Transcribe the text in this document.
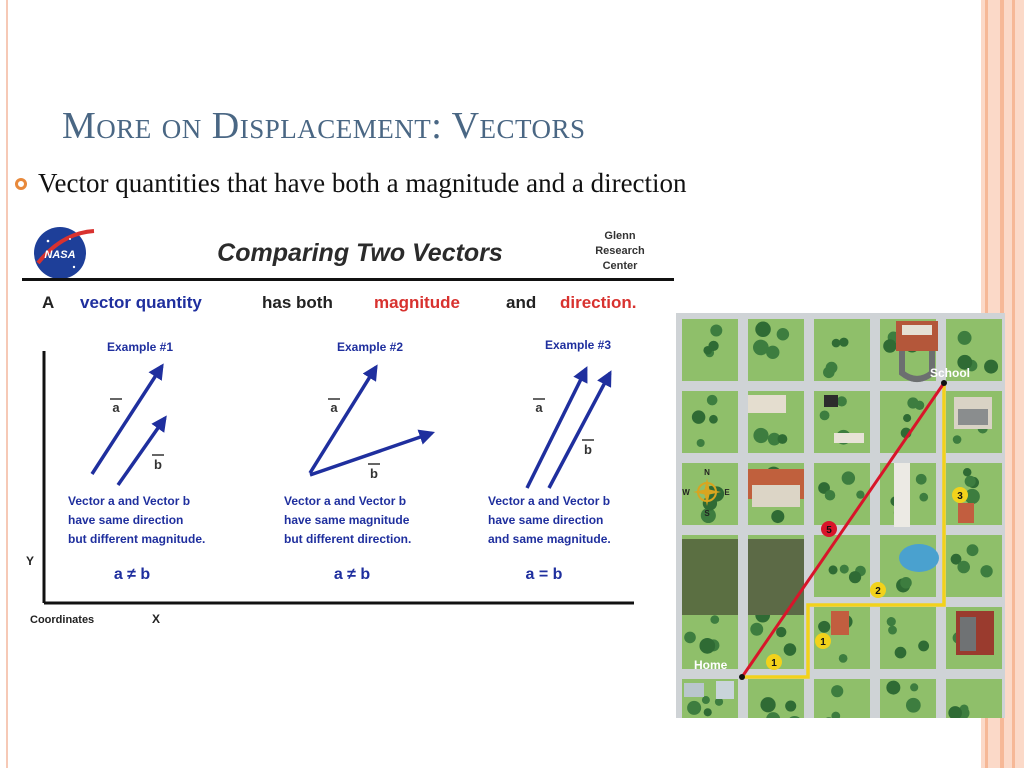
More on Displacement: Vectors
Vector quantities that have both a magnitude and a direction
NASA	Comparing Two Vectors
Glenn
Research
Center
A vector quantity	has both magnitude	and direction.
Y
Coordinates	X
Example #1
a
b
Vector a and Vector b
have same direction
but different magnitude.
a ≠ b
Example #2
a
b
Vector a and Vector b
have same magnitude
but different direction.
a ≠ b
Example #3
a
b
Vector a and Vector b
have same direction
and same magnitude.
a = b
N
S
E
W
School
Home	1
1
2
3
5
